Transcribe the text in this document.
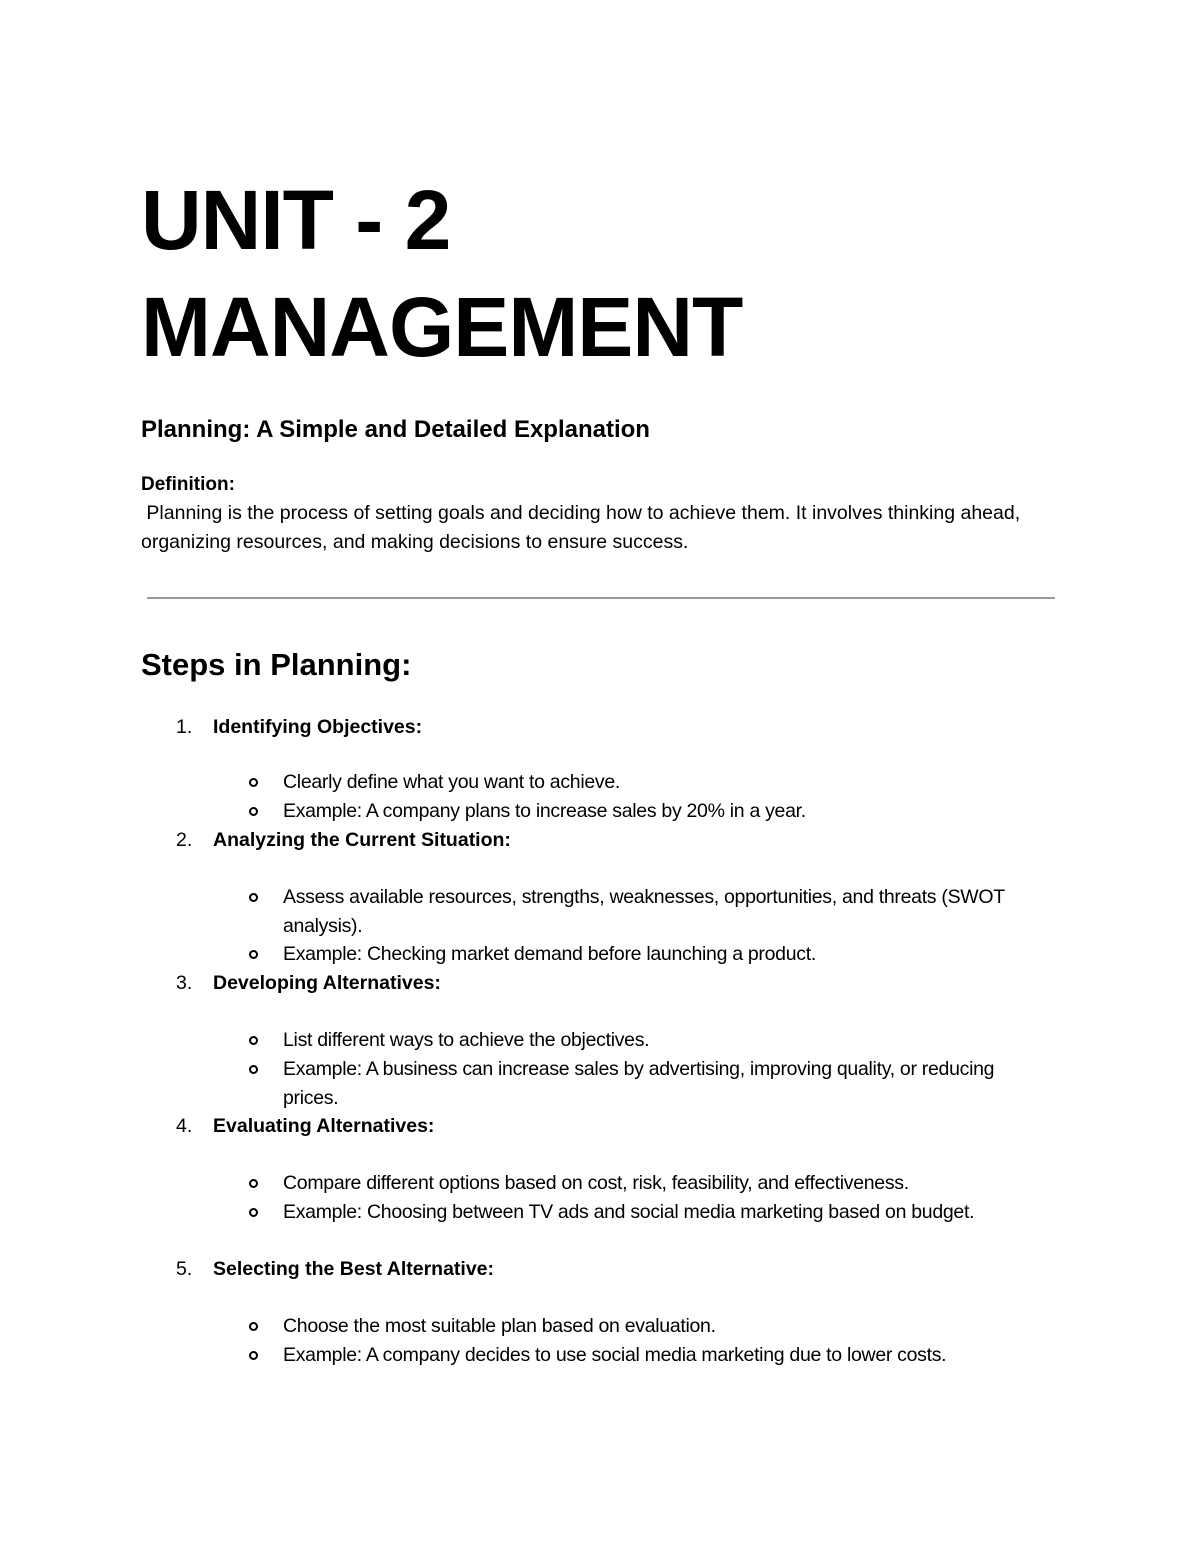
UNIT - 2
MANAGEMENT
Planning: A Simple and Detailed Explanation
Definition:
Planning is the process of setting goals and deciding how to achieve them. It involves thinking ahead, organizing resources, and making decisions to ensure success.
Steps in Planning:
1. Identifying Objectives:
Clearly define what you want to achieve.
Example: A company plans to increase sales by 20% in a year.
2. Analyzing the Current Situation:
Assess available resources, strengths, weaknesses, opportunities, and threats (SWOT analysis).
Example: Checking market demand before launching a product.
3. Developing Alternatives:
List different ways to achieve the objectives.
Example: A business can increase sales by advertising, improving quality, or reducing prices.
4. Evaluating Alternatives:
Compare different options based on cost, risk, feasibility, and effectiveness.
Example: Choosing between TV ads and social media marketing based on budget.
5. Selecting the Best Alternative:
Choose the most suitable plan based on evaluation.
Example: A company decides to use social media marketing due to lower costs.
